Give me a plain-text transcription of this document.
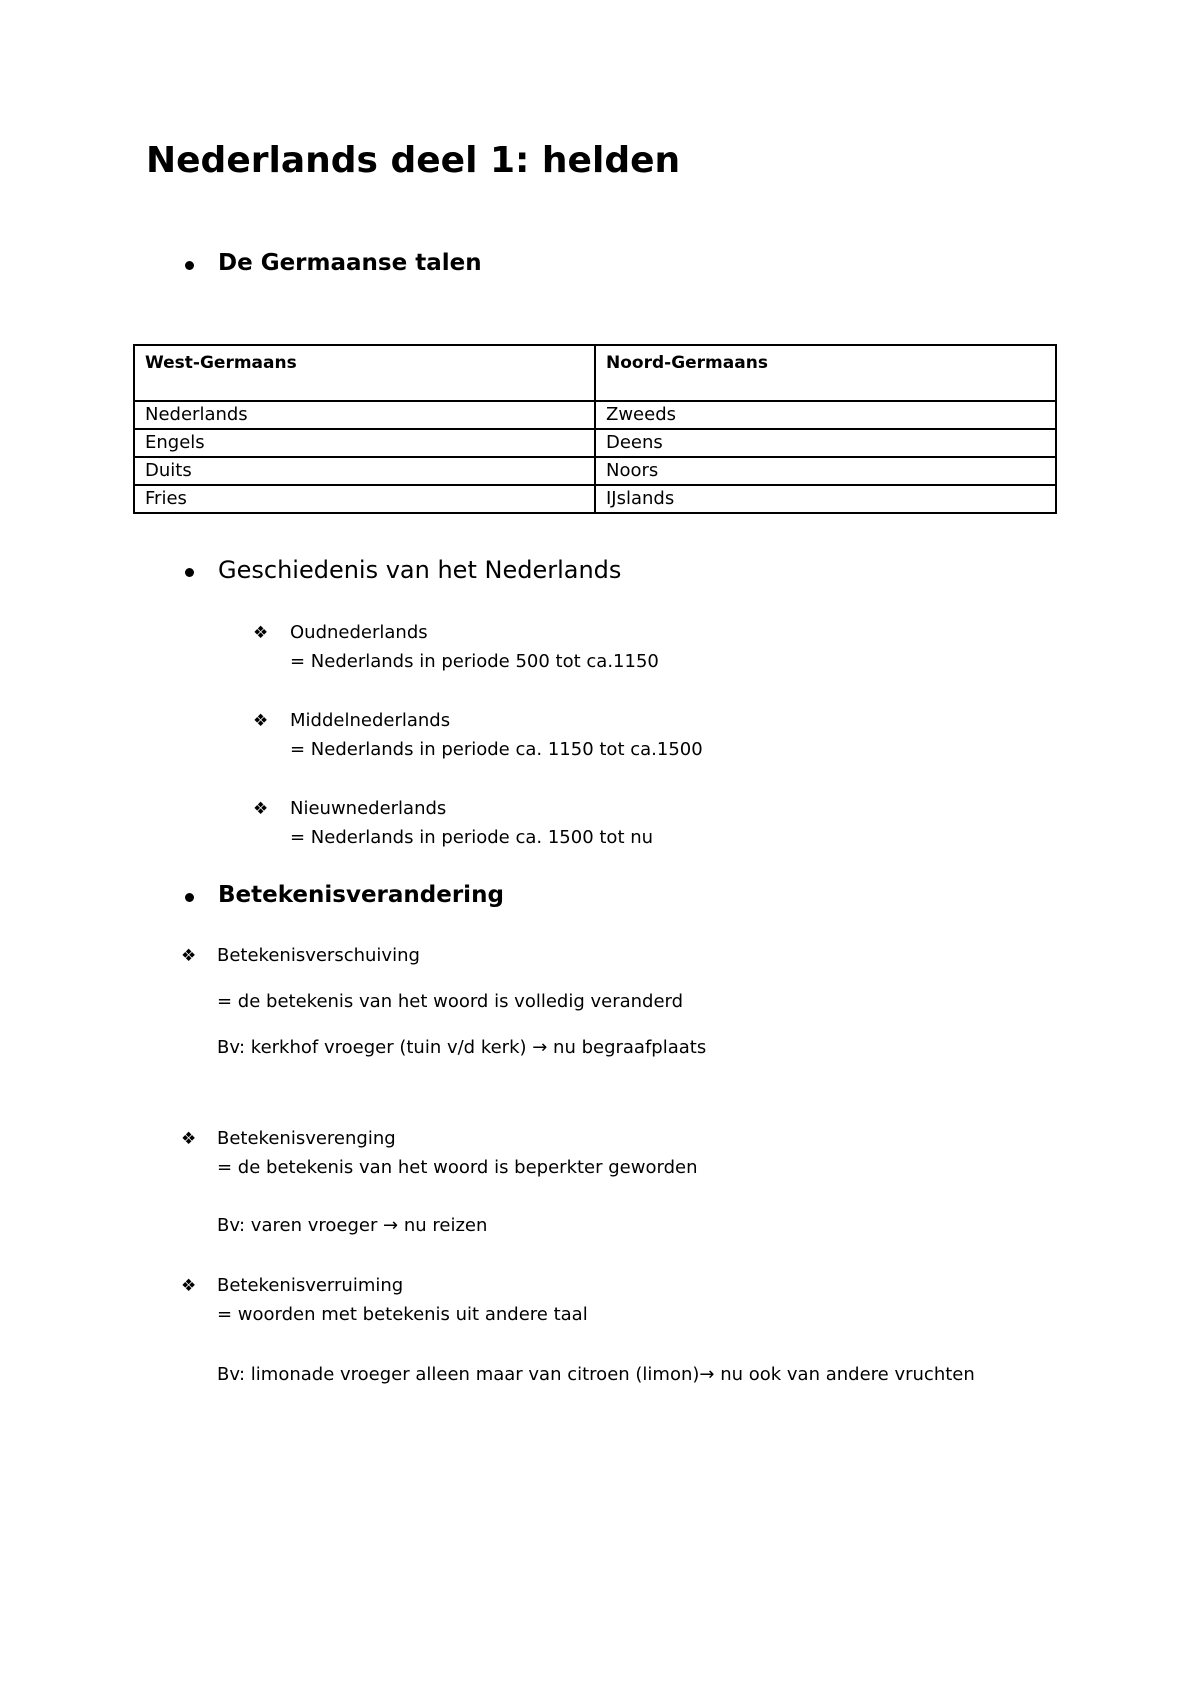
Nederlands deel 1: helden
De Germaanse talen
West-Germaans	Noord-Germaans
Nederlands	Zweeds
Engels	Deens
Duits	Noors
Fries	IJslands
Geschiedenis van het Nederlands
❖ Oudnederlands
= Nederlands in periode 500 tot ca.1150
❖ Middelnederlands
= Nederlands in periode ca. 1150 tot ca.1500
❖ Nieuwnederlands
= Nederlands in periode ca. 1500 tot nu
Betekenisverandering
❖ Betekenisverschuiving
= de betekenis van het woord is volledig veranderd
Bv: kerkhof vroeger (tuin v/d kerk) → nu begraafplaats
❖ Betekenisverenging
= de betekenis van het woord is beperkter geworden
Bv: varen vroeger → nu reizen
❖ Betekenisverruiming
= woorden met betekenis uit andere taal
Bv: limonade vroeger alleen maar van citroen (limon)→ nu ook van andere vruchten
